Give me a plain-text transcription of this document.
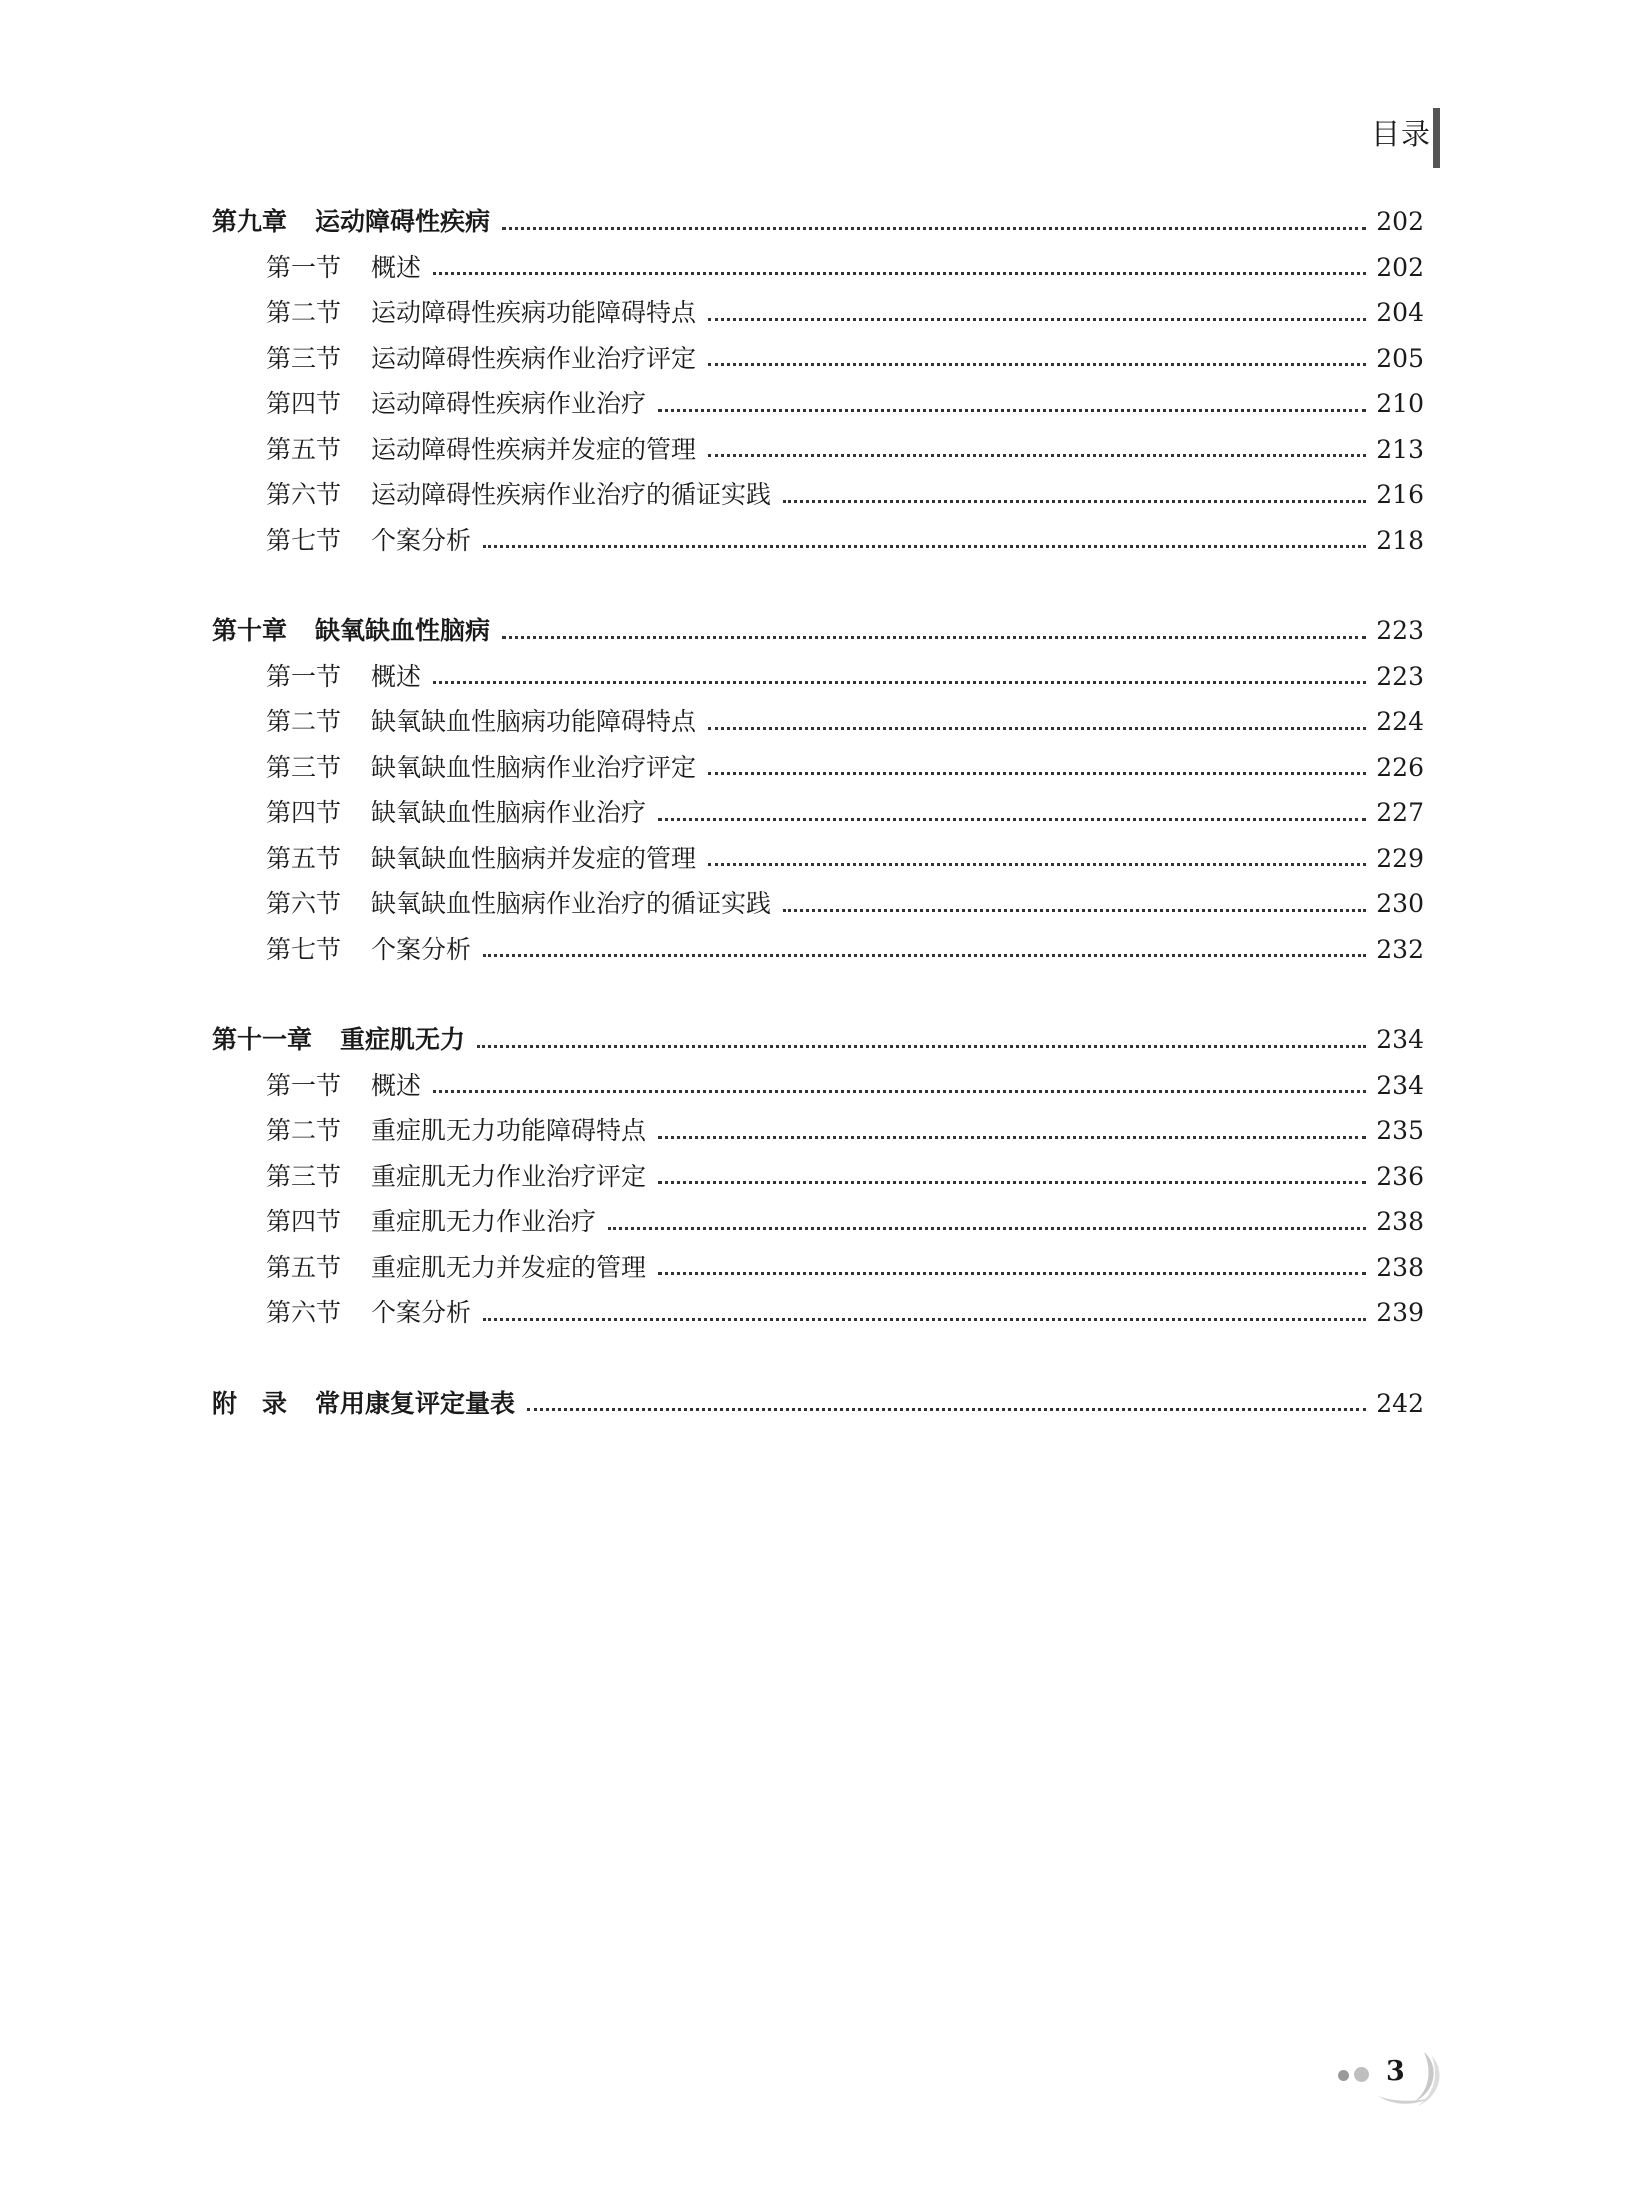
目录
第九章 运动障碍性疾病	202
第一节 概述	202
第二节 运动障碍性疾病功能障碍特点	204
第三节 运动障碍性疾病作业治疗评定	205
第四节 运动障碍性疾病作业治疗	210
第五节 运动障碍性疾病并发症的管理	213
第六节 运动障碍性疾病作业治疗的循证实践	216
第七节 个案分析	218
第十章 缺氧缺血性脑病	223
第一节 概述	223
第二节 缺氧缺血性脑病功能障碍特点	224
第三节 缺氧缺血性脑病作业治疗评定	226
第四节 缺氧缺血性脑病作业治疗	227
第五节 缺氧缺血性脑病并发症的管理	229
第六节 缺氧缺血性脑病作业治疗的循证实践	230
第七节 个案分析	232
第十一章 重症肌无力	234
第一节 概述	234
第二节 重症肌无力功能障碍特点	235
第三节 重症肌无力作业治疗评定	236
第四节 重症肌无力作业治疗	238
第五节 重症肌无力并发症的管理	238
第六节 个案分析	239
附　录 常用康复评定量表	242
3
